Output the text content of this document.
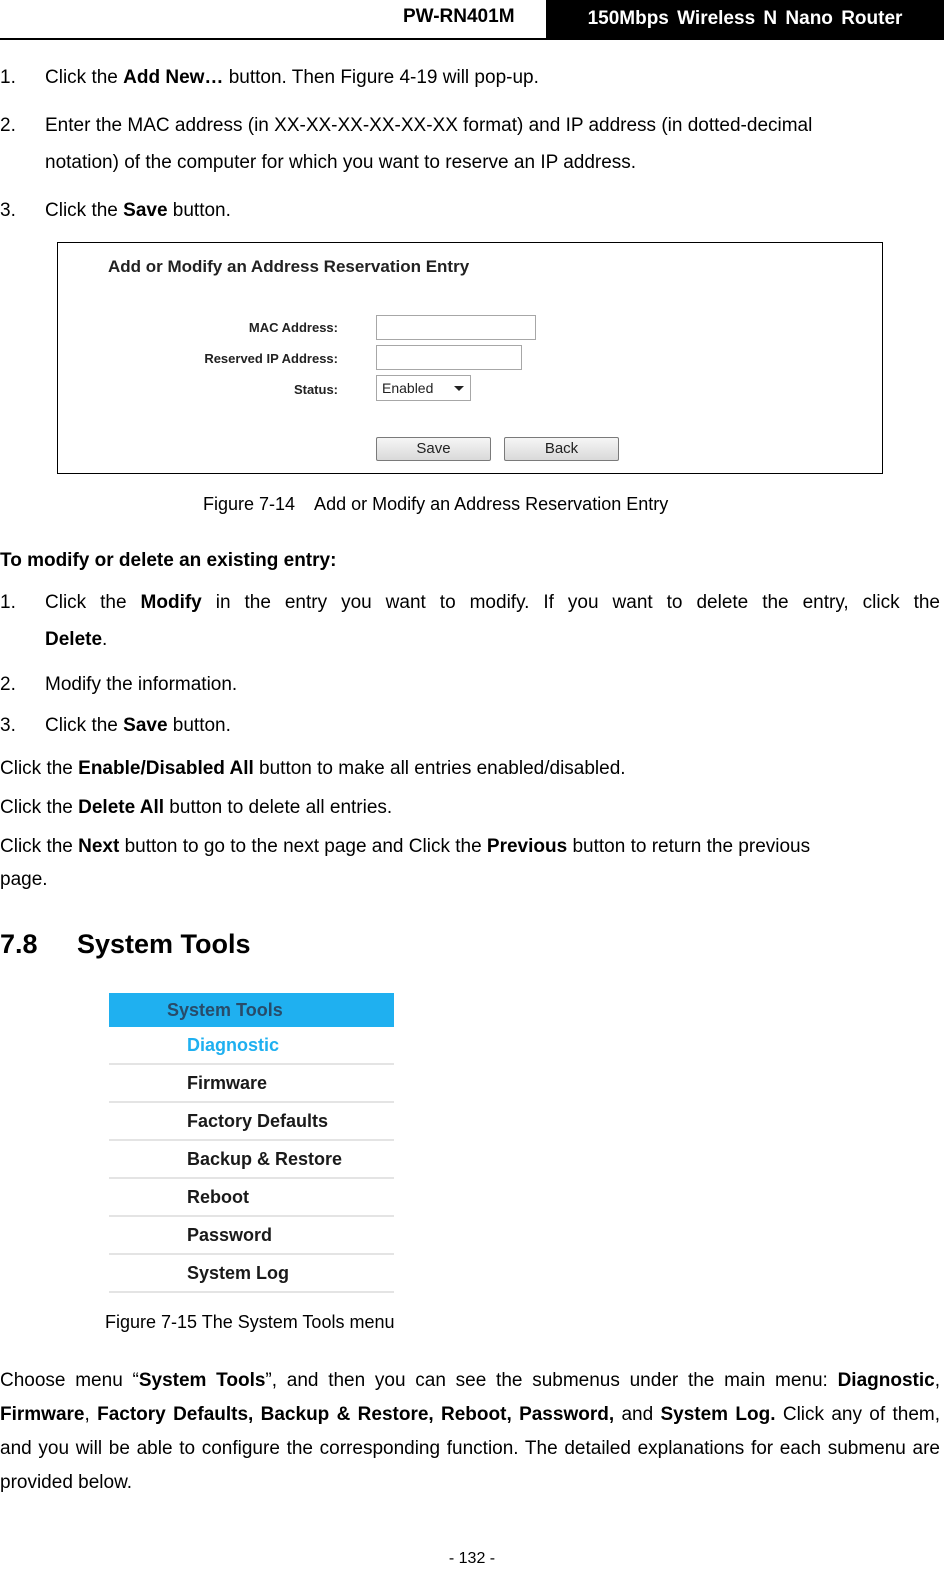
PW-RN401M	150Mbps Wireless N Nano Router
1. Click the Add New… button. Then Figure 4-19 will pop-up.
2. Enter the MAC address (in XX-XX-XX-XX-XX-XX format) and IP address (in dotted-decimal
notation) of the computer for which you want to reserve an IP address.
3. Click the Save button.
Add or Modify an Address Reservation Entry
MAC Address:
Reserved IP Address:
Status:	Enabled
Save	Back
Figure 7-14    Add or Modify an Address Reservation Entry
To modify or delete an existing entry:
1. Click the Modify in the entry you want to modify. If you want to delete the entry, click the
Delete.
2. Modify the information.
3. Click the Save button.
Click the Enable/Disabled All button to make all entries enabled/disabled.
Click the Delete All button to delete all entries.
Click the Next button to go to the next page and Click the Previous button to return the previous
page.
7.8 System Tools
System Tools
Diagnostic
Firmware
Factory Defaults
Backup & Restore
Reboot
Password
System Log
Figure 7-15 The System Tools menu
Choose menu “System Tools”, and then you can see the submenus under the main menu: Diagnostic, Firmware, Factory Defaults, Backup & Restore, Reboot, Password, and System Log. Click any of them, and you will be able to configure the corresponding function. The detailed explanations for each submenu are provided below.
- 132 -
